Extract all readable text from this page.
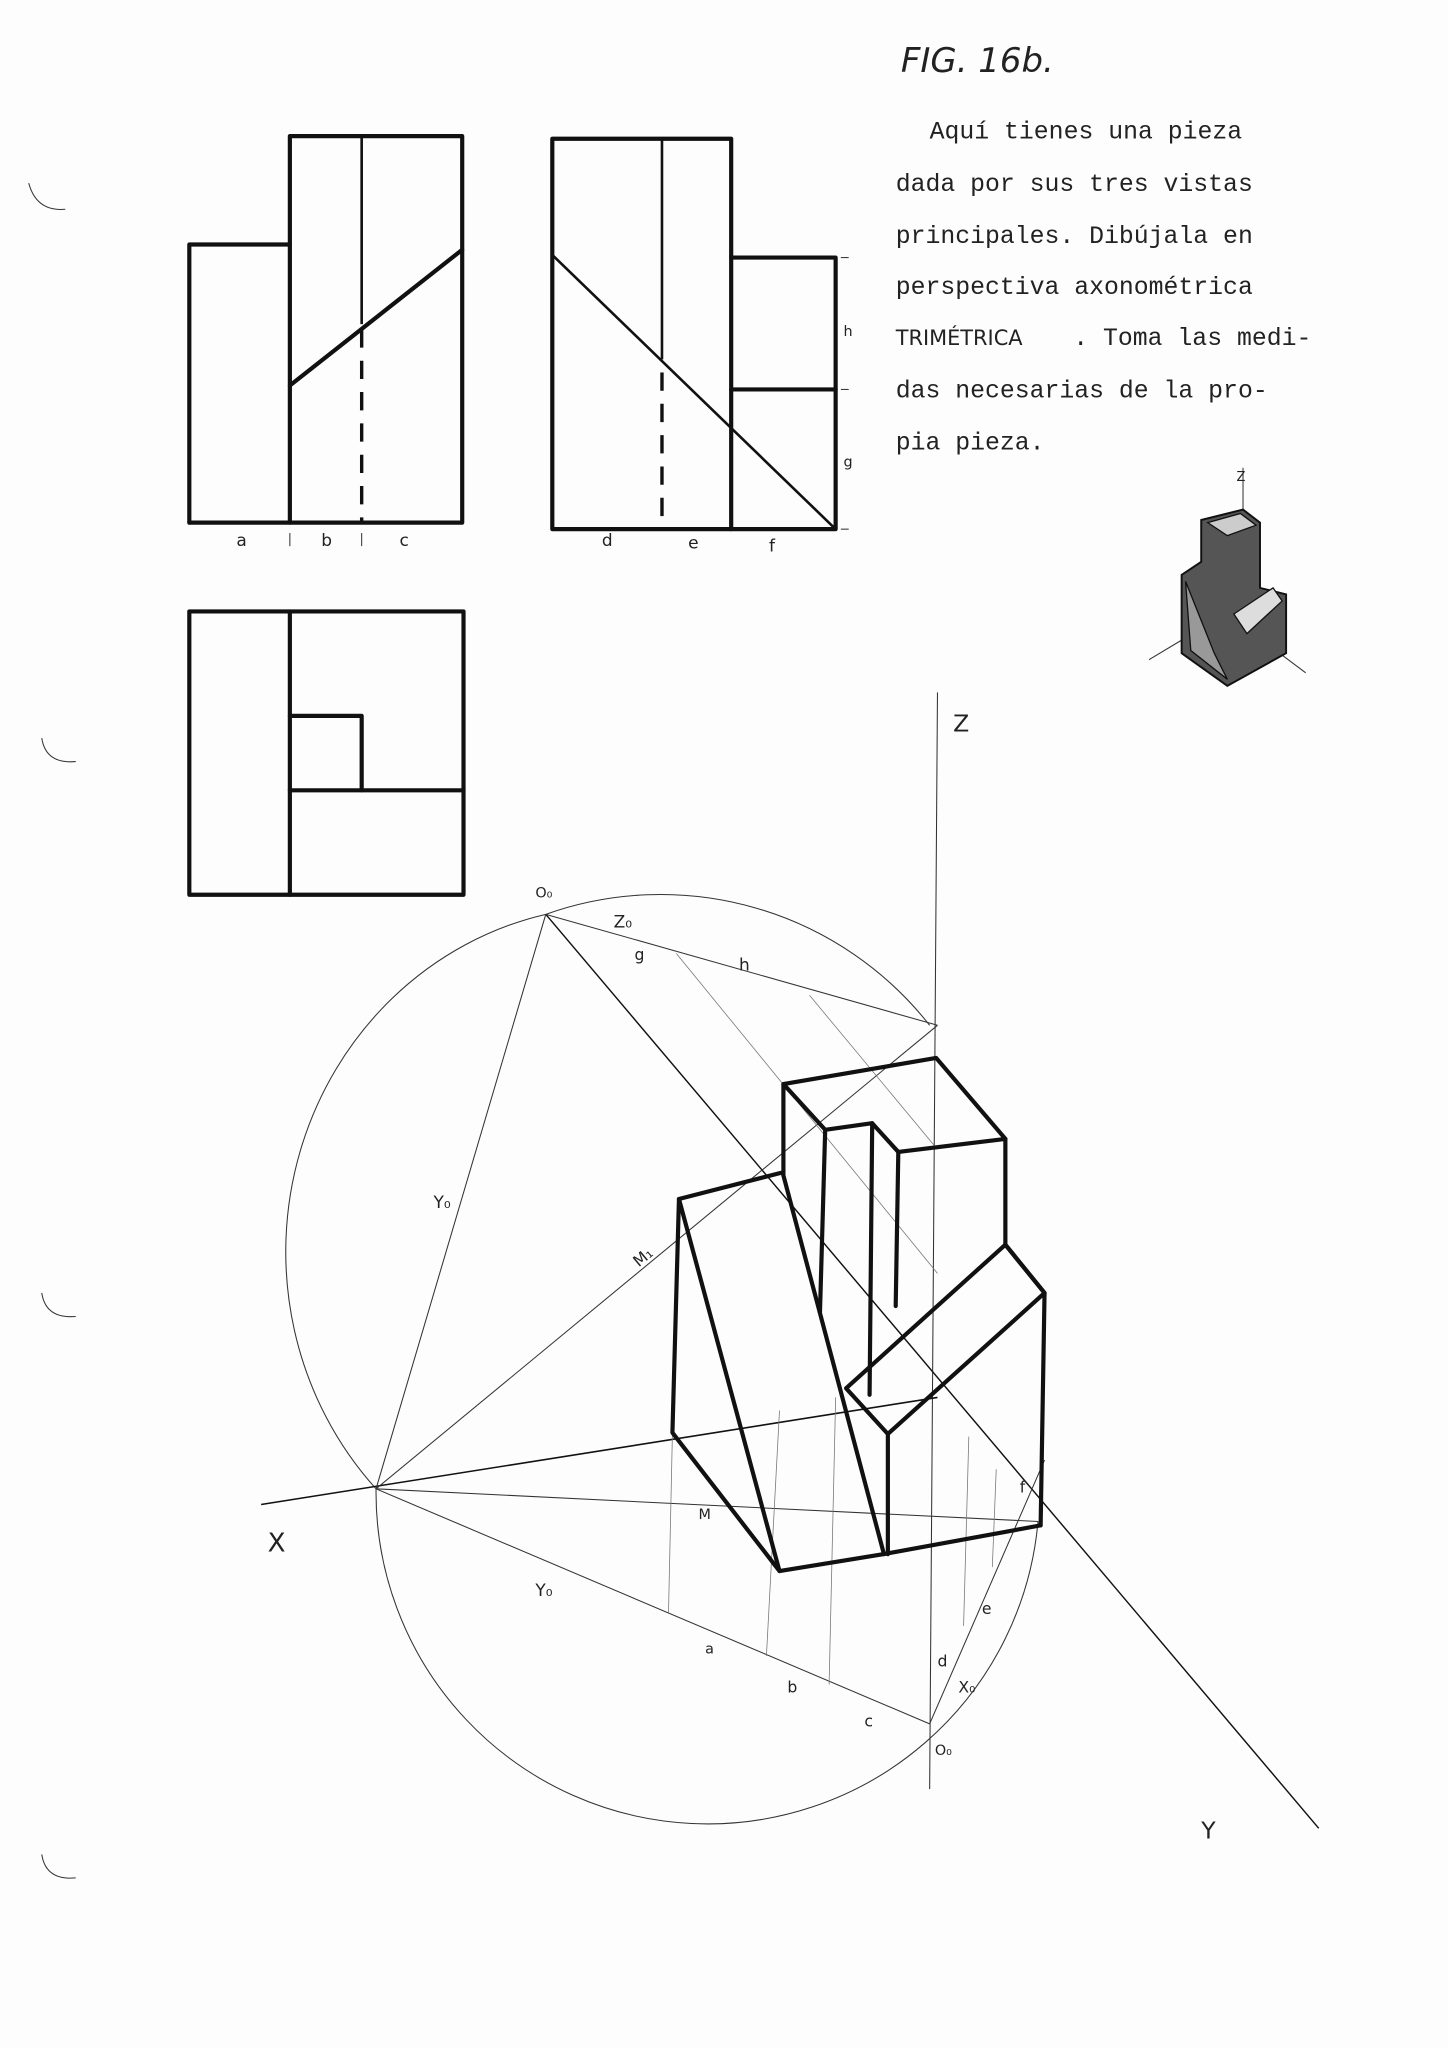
FIG. 16b.
Aquí tienes una pieza
dada por sus tres vistas
principales. Dibújala en
perspectiva axonométrica
TRIMÉTRICA	. Toma las medi-
das necesarias de la pro-
pia pieza.
Z
a	b	c
h
g
d	e	f
Z
X
Y
O₀
Z₀
g
h
Y₀
M₁
M
Y₀
a
b
c
d
e
f
X₀
O₀
